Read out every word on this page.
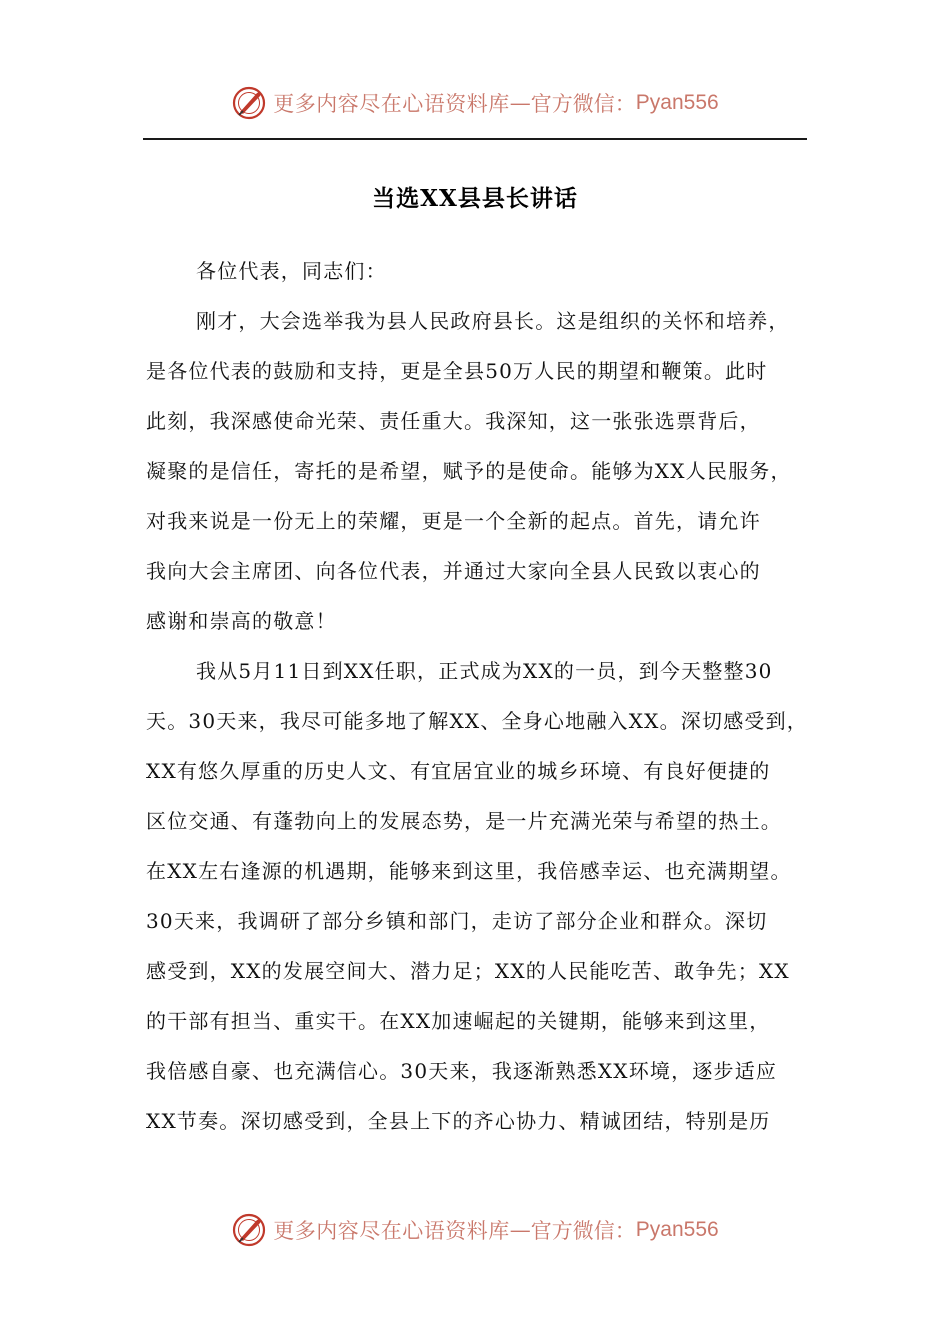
更多内容尽在心语资料库 — 官方微信： Pyan556
当选XX县县长讲话
各位代表，同志们：
刚才，大会选举我为县人民政府县长。这是组织的关怀和培养，
是各位代表的鼓励和支持，更是全县50万人民的期望和鞭策。此时
此刻，我深感使命光荣、责任重大。我深知，这一张张选票背后，
凝聚的是信任，寄托的是希望，赋予的是使命。能够为XX人民服务，
对我来说是一份无上的荣耀，更是一个全新的起点。首先，请允许
我向大会主席团、向各位代表，并通过大家向全县人民致以衷心的
感谢和崇高的敬意！
我从5月11日到XX任职，正式成为XX的一员，到今天整整30
天。30天来，我尽可能多地了解XX、全身心地融入XX。深切感受到，
XX有悠久厚重的历史人文、有宜居宜业的城乡环境、有良好便捷的
区位交通、有蓬勃向上的发展态势，是一片充满光荣与希望的热土。
在XX左右逢源的机遇期，能够来到这里，我倍感幸运、也充满期望。
30天来，我调研了部分乡镇和部门，走访了部分企业和群众。深切
感受到，XX的发展空间大、潜力足；XX的人民能吃苦、敢争先；XX
的干部有担当、重实干。在XX加速崛起的关键期，能够来到这里，
我倍感自豪、也充满信心。30天来，我逐渐熟悉XX环境，逐步适应
XX节奏。深切感受到，全县上下的齐心协力、精诚团结，特别是历
更多内容尽在心语资料库 — 官方微信： Pyan556
